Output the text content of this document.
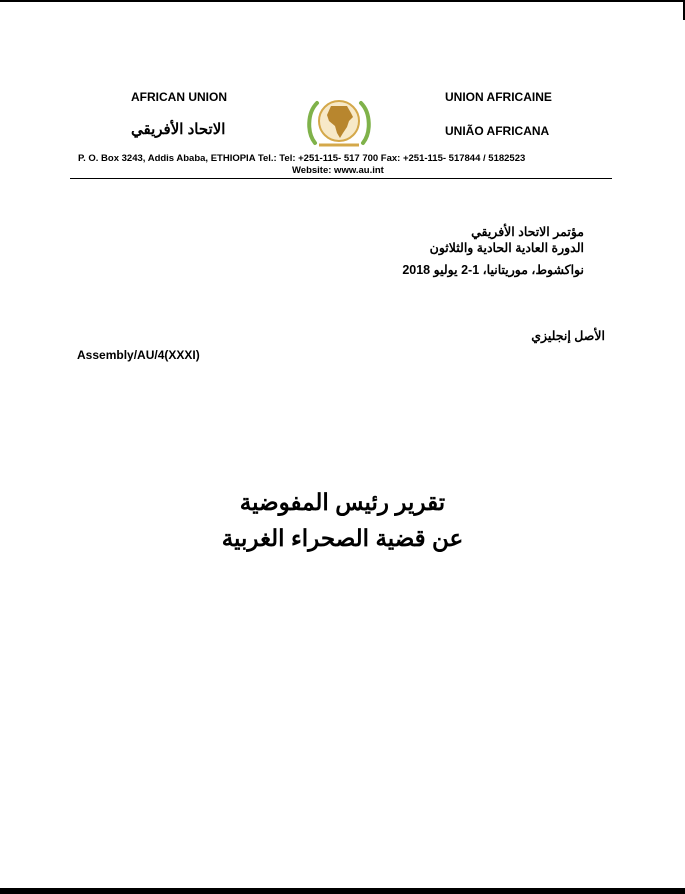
AFRICAN UNION	UNION AFRICAINE
الاتحاد الأفريقي	UNIÃO AFRICANA
P. O. Box 3243, Addis Ababa, ETHIOPIA Tel.: Tel: +251-115- 517 700 Fax: +251-115- 517844 / 5182523
Website: www.au.int
مؤتمر الاتحاد الأفريقي
الدورة العادية الحادية والثلاثون
نواكشوط، موريتانيا، 1-2 يوليو 2018
الأصل إنجليزي
Assembly/AU/4(XXXI)
تقرير رئيس المفوضية
عن قضية الصحراء الغربية
